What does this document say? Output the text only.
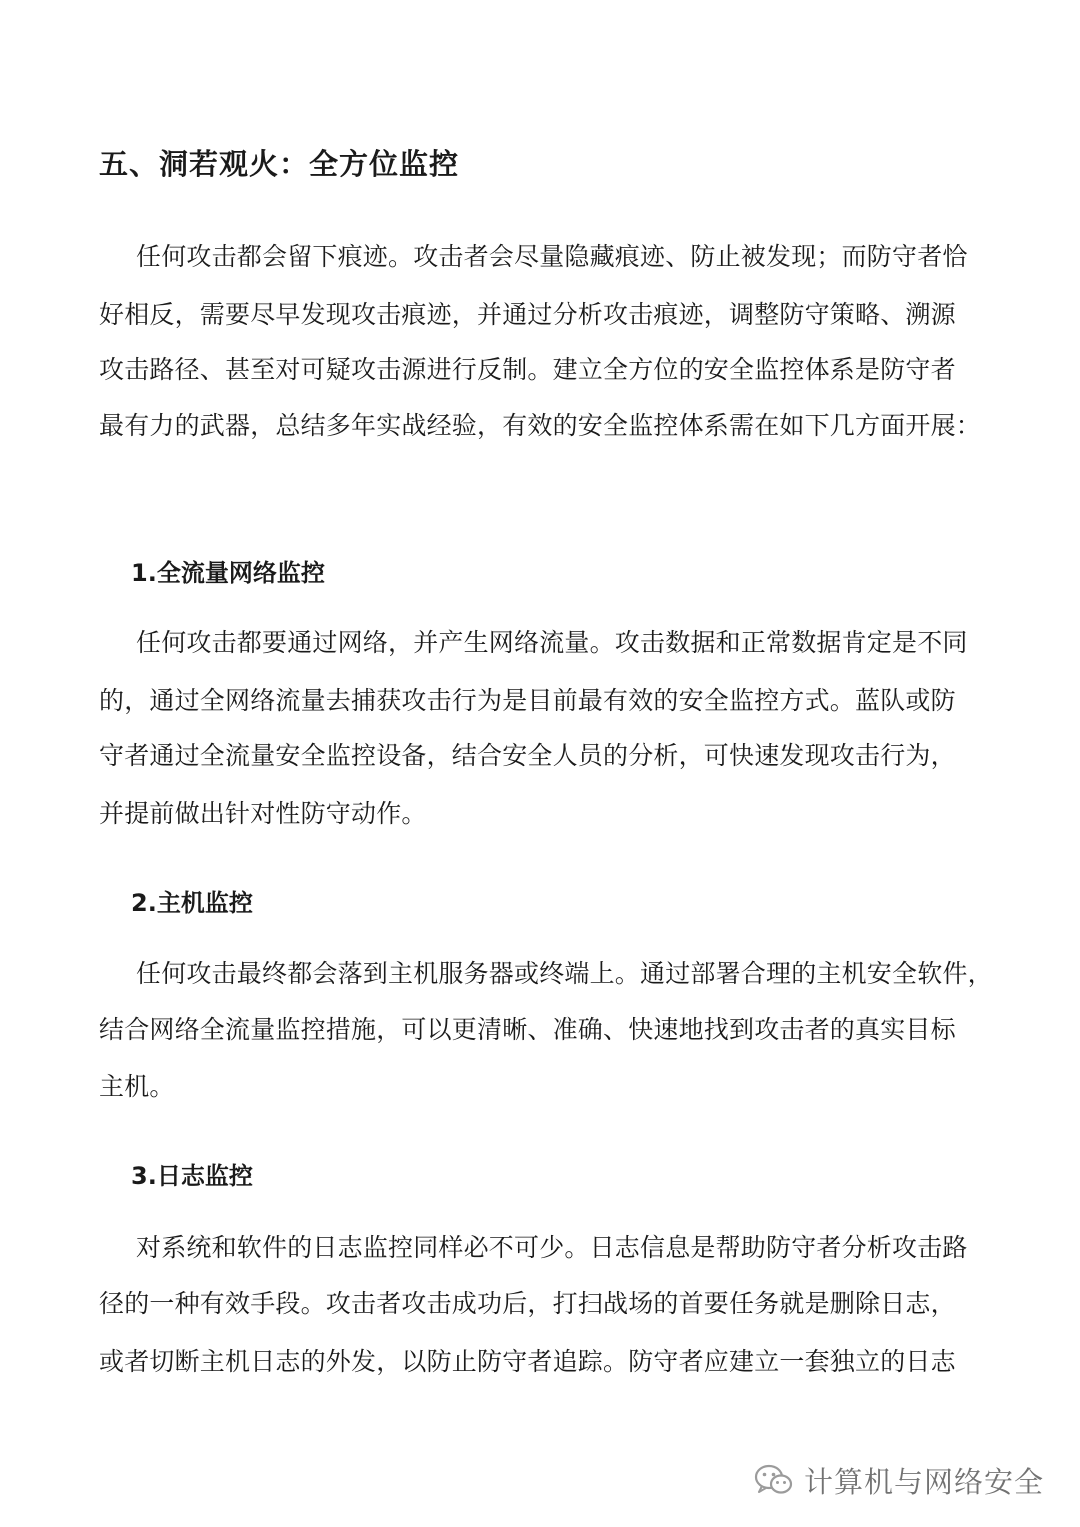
五、洞若观火：全方位监控

任何攻击都会留下痕迹。攻击者会尽量隐藏痕迹、防止被发现；而防守者恰

好相反，需要尽早发现攻击痕迹，并通过分析攻击痕迹，调整防守策略、溯源

攻击路径、甚至对可疑攻击源进行反制。建立全方位的安全监控体系是防守者

最有力的武器，总结多年实战经验，有效的安全监控体系需在如下几方面开展：

1.全流量网络监控

任何攻击都要通过网络，并产生网络流量。攻击数据和正常数据肯定是不同

的，通过全网络流量去捕获攻击行为是目前最有效的安全监控方式。蓝队或防

守者通过全流量安全监控设备，结合安全人员的分析，可快速发现攻击行为，

并提前做出针对性防守动作。

2.主机监控

任何攻击最终都会落到主机服务器或终端上。通过部署合理的主机安全软件，

结合网络全流量监控措施，可以更清晰、准确、快速地找到攻击者的真实目标

主机。

3.日志监控

对系统和软件的日志监控同样必不可少。日志信息是帮助防守者分析攻击路

径的一种有效手段。攻击者攻击成功后，打扫战场的首要任务就是删除日志，

或者切断主机日志的外发，以防止防守者追踪。防守者应建立一套独立的日志

计算机与网络安全
